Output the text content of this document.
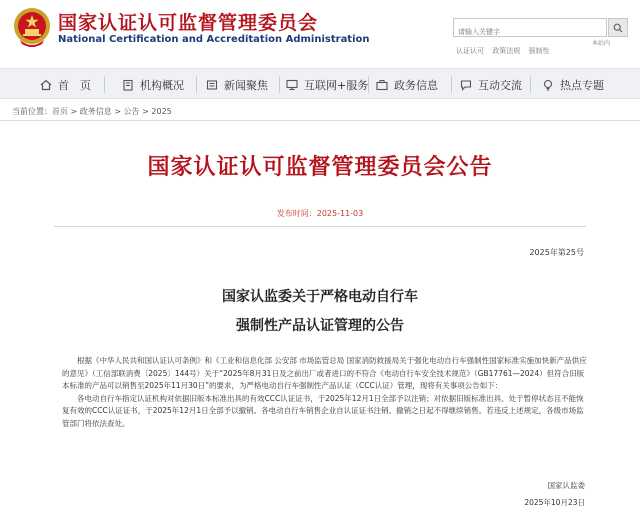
国家认证认可监督管理委员会
National Certification and Accreditation Administration
请输入关键字	本站内
认证认可 政策法规 强制性
首　页	机构概况	新闻聚焦	互联网+服务 政务信息	互动交流	热点专题
当前位置：首页 > 政务信息 > 公告 > 2025
国家认证认可监督管理委员会公告
发布时间：2025-11-03
2025年第25号
国家认监委关于严格电动自行车
强制性产品认证管理的公告

根据《中华人民共和国认证认可条例》和《工业和信息化部 公安部 市场监管总局 国家消防救援局关于强化电动自行车强制性国家标准实施加快新产品供应的意见》（工信部联消费〔2025〕144号）关于“2025年8月31日及之前出厂或者进口的不符合《电动自行车安全技术规范》（GB17761—2024）但符合旧版本标准的产品可以销售至2025年11月30日”的要求，为严格电动自行车强制性产品认证（CCC认证）管理，现将有关事项公告如下：

各电动自行车指定认证机构对依据旧版本标准出具的有效CCC认证证书，于2025年12月1日全部予以注销；对依据旧版标准出具、处于暂停状态且不能恢复有效的CCC认证证书，于2025年12月1日全部予以撤销。各电动自行车销售企业自认证证书注销、撤销之日起不得继续销售。若违反上述规定，各级市场监管部门将依法查处。

国家认监委
2025年10月23日
